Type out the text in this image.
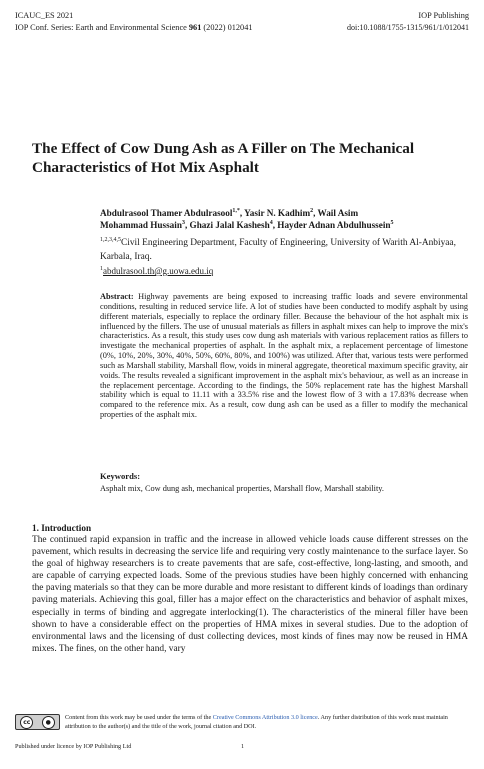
ICAUC_ES 2021	IOP Publishing
IOP Conf. Series: Earth and Environmental Science 961 (2022) 012041	doi:10.1088/1755-1315/961/1/012041
The Effect of Cow Dung Ash as A Filler on The Mechanical Characteristics of Hot Mix Asphalt
Abdulrasool Thamer Abdulrasool$^{1,*}$, Yasir N. Kadhim$^2$, Wail Asim
Mohammad Hussain$^3$, Ghazi Jalal Kashesh$^4$, Hayder Adnan Abdulhussein$^5$
$^{1,2,3,4,5}$Civil Engineering Department, Faculty of Engineering, University of Warith Al-Anbiyaa, Karbala, Iraq.
$^1$abdulrasool.th@g.uowa.edu.iq
Abstract: Highway pavements are being exposed to increasing traffic loads and severe environmental conditions, resulting in reduced service life. A lot of studies have been conducted to modify asphalt by using different materials, especially to replace the ordinary filler. Because the behaviour of the hot asphalt mix is influenced by the fillers. The use of unusual materials as fillers in asphalt mixes can help to improve the mix's characteristics. As a result, this study uses cow dung ash materials with various replacement ratios as fillers to investigate the mechanical properties of asphalt. In the asphalt mix, a replacement percentage of limestone (0%, 10%, 20%, 30%, 40%, 50%, 60%, 80%, and 100%) was utilized. After that, various tests were performed such as Marshall stability, Marshall flow, voids in mineral aggregate, theoretical maximum specific gravity, air voids. The results revealed a significant improvement in the asphalt mix's behaviour, as well as an increase in the replacement percentage. According to the findings, the 50% replacement rate has the highest Marshall stability which is equal to 11.11 with a 33.5% rise and the lowest flow of 3 with a 17.83% decrease when compared to the reference mix. As a result, cow dung ash can be used as a filler to modify the mechanical properties of the asphalt mix.
Keywords:
Asphalt mix, Cow dung ash, mechanical properties, Marshall flow, Marshall stability.
1. Introduction
The continued rapid expansion in traffic and the increase in allowed vehicle loads cause different stresses on the pavement, which results in decreasing the service life and requiring very costly maintenance to the surface layer. So the goal of highway researchers is to create pavements that are safe, cost-effective, long-lasting, and smooth, and are capable of carrying expected loads. Some of the previous studies have been highly concerned with enhancing the paving materials so that they can be more durable and more resistant to different kinds of loadings than ordinary paving materials. Achieving this goal, filler has a major effect on the characteristics and behavior of asphalt mixes, especially in terms of binding and aggregate interlocking(1). The characteristics of the mineral filler have been shown to have a considerable effect on the properties of HMA mixes in several studies. Due to the adoption of environmental laws and the licensing of dust collecting devices, most kinds of fines may now be reused in HMA mixes. The fines, on the other hand, vary
cc	●
Content from this work may be used under the terms of the Creative Commons Attribution 3.0 licence. Any further distribution of this work must maintain attribution to the author(s) and the title of the work, journal citation and DOI.
Published under licence by IOP Publishing Ltd	1
